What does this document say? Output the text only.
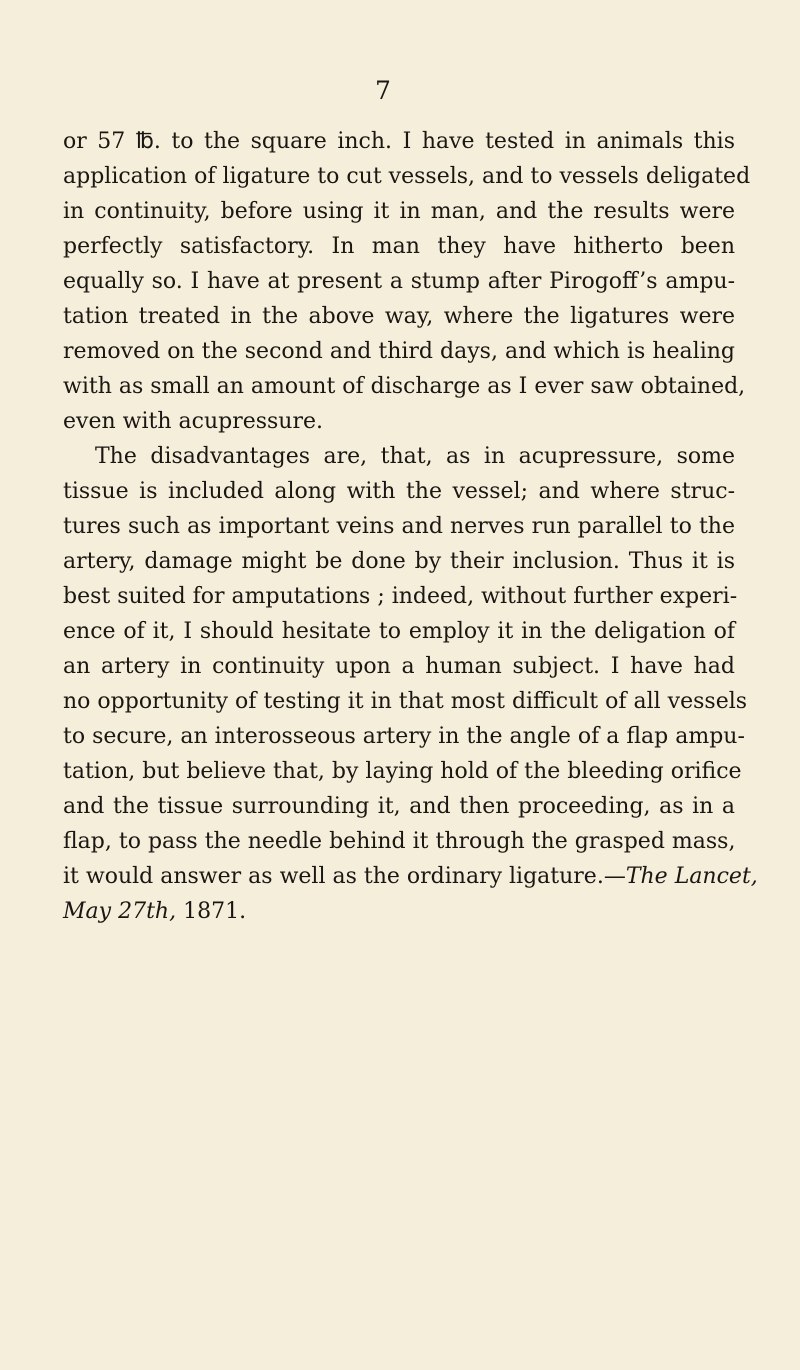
7
or 57 ℔. to the square inch. I have tested in animals this
application of ligature to cut vessels, and to vessels deligated
in continuity, before using it in man, and the results were
perfectly satisfactory. In man they have hitherto been
equally so. I have at present a stump after Pirogoff’s ampu-
tation treated in the above way, where the ligatures were
removed on the second and third days, and which is healing
with as small an amount of discharge as I ever saw obtained,
even with acupressure.
The disadvantages are, that, as in acupressure, some
tissue is included along with the vessel; and where struc-
tures such as important veins and nerves run parallel to the
artery, damage might be done by their inclusion. Thus it is
best suited for amputations ; indeed, without further experi-
ence of it, I should hesitate to employ it in the deligation of
an artery in continuity upon a human subject. I have had
no opportunity of testing it in that most difficult of all vessels
to secure, an interosseous artery in the angle of a flap ampu-
tation, but believe that, by laying hold of the bleeding orifice
and the tissue surrounding it, and then proceeding, as in a
flap, to pass the needle behind it through the grasped mass,
it would answer as well as the ordinary ligature.—The Lancet,
May 27th, 1871.
